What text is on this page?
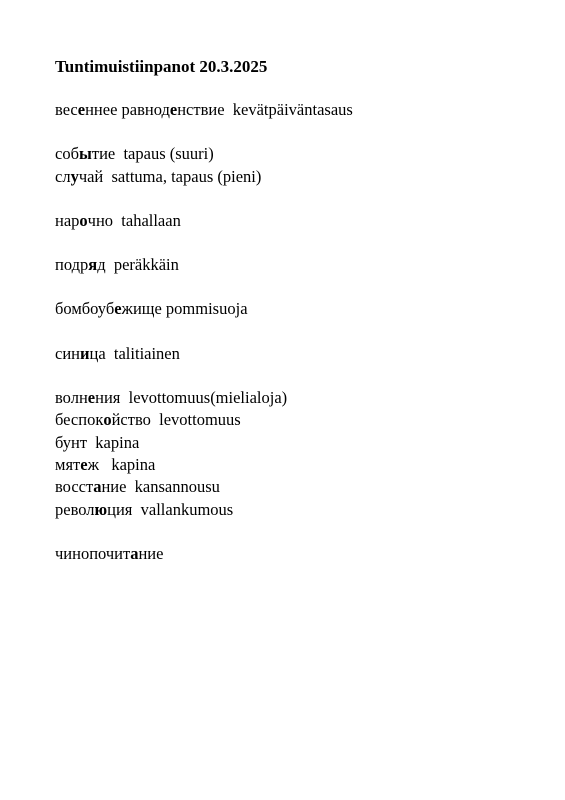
Tuntimuistiinpanot 20.3.2025
весеннее равноденствие  kevätpäiväntasaus
событие  tapaus (suuri)
случай  sattuma, tapaus (pieni)
нарочно  tahallaan
подряд  peräkkäin
бомбоубежище pommisuoja
синица  talitiainen
волнения  levottomuus(mielialoja)
беспокойство  levottomuus
бунт  kapina
мятеж   kapina
восстание  kansannousu
революция  vallankumous
чинопочитание
